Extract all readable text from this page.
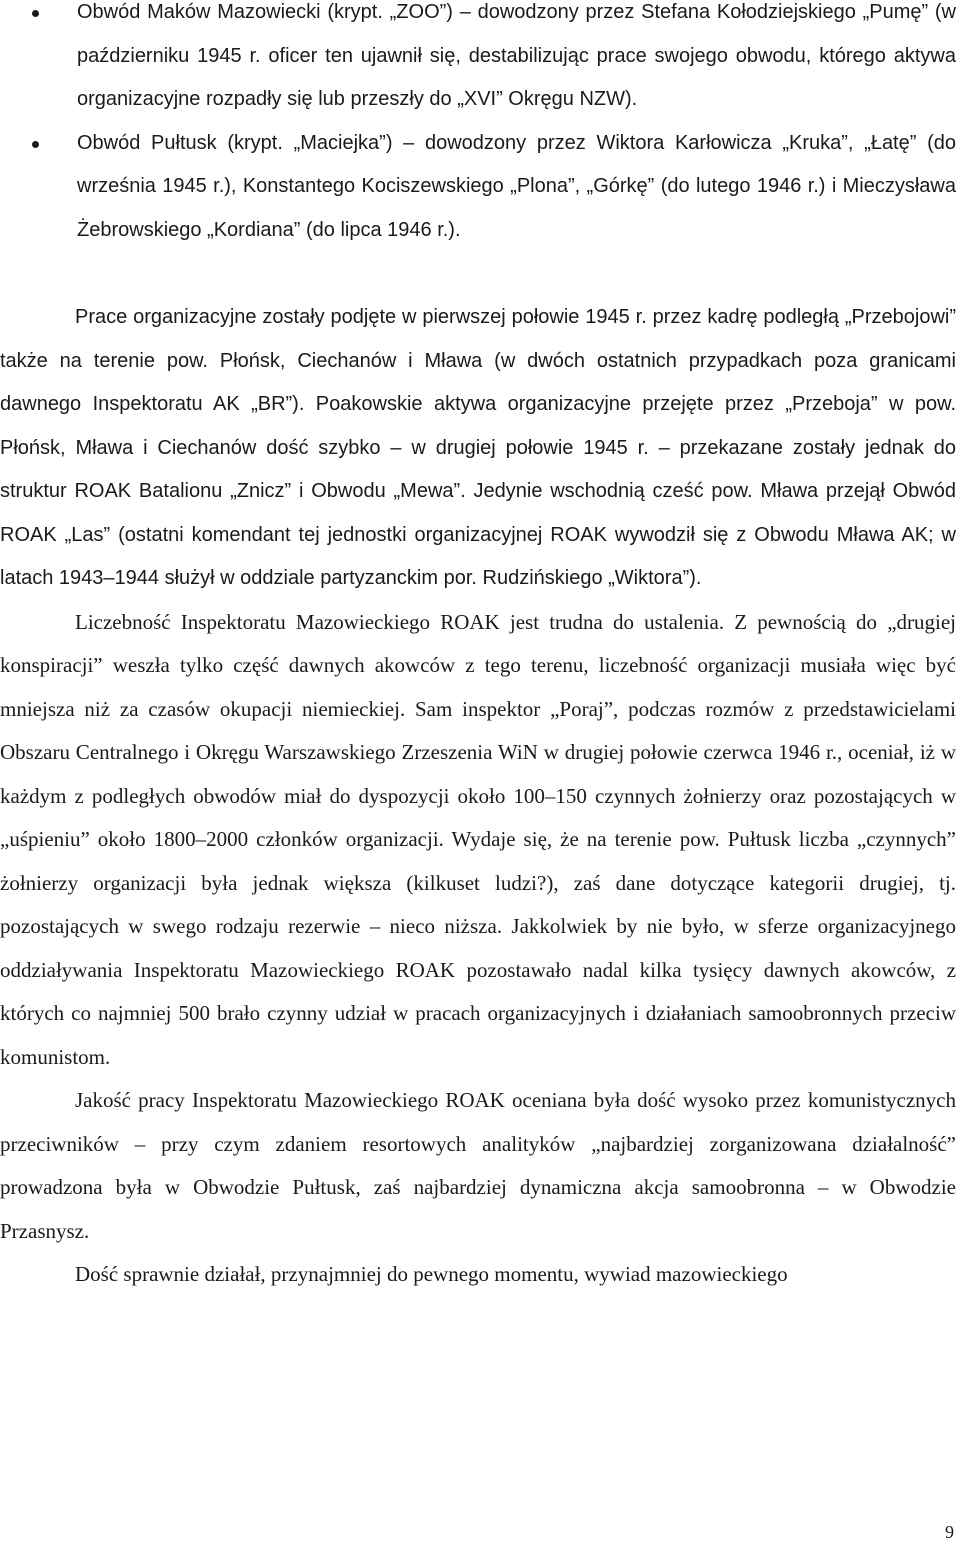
Obwód Maków Mazowiecki (krypt. „ZOO”) – dowodzony przez Stefana Kołodziejskiego „Pumę” (w październiku 1945 r. oficer ten ujawnił się, destabilizując prace swojego obwodu, którego aktywa organizacyjne rozpadły się lub przeszły do „XVI” Okręgu NZW).
Obwód Pułtusk (krypt. „Maciejka”) – dowodzony przez Wiktora Karłowicza „Kruka”, „Łatę” (do września 1945 r.), Konstantego Kociszewskiego „Plona”, „Górkę” (do lutego 1946 r.) i Mieczysława Żebrowskiego „Kordiana” (do lipca 1946 r.).

Prace organizacyjne zostały podjęte w pierwszej połowie 1945 r. przez kadrę podległą „Przebojowi” także na terenie pow. Płońsk, Ciechanów i Mława (w dwóch ostatnich przypadkach poza granicami dawnego Inspektoratu AK „BR”). Poakowskie aktywa organizacyjne przejęte przez „Przeboja” w pow. Płońsk, Mława i Ciechanów dość szybko – w drugiej połowie 1945 r. – przekazane zostały jednak do struktur ROAK Batalionu „Znicz” i Obwodu „Mewa”. Jedynie wschodnią cześć pow. Mława przejął Obwód ROAK „Las” (ostatni komendant tej jednostki organizacyjnej ROAK wywodził się z Obwodu Mława AK; w latach 1943–1944 służył w oddziale partyzanckim por. Rudzińskiego „Wiktora”).

Liczebność Inspektoratu Mazowieckiego ROAK jest trudna do ustalenia. Z pewnością do „drugiej konspiracji” weszła tylko część dawnych akowców z tego terenu, liczebność organizacji musiała więc być mniejsza niż za czasów okupacji niemieckiej. Sam inspektor „Poraj”, podczas rozmów z przedstawicielami Obszaru Centralnego i Okręgu Warszawskiego Zrzeszenia WiN w drugiej połowie czerwca 1946 r., oceniał, iż w każdym z podległych obwodów miał do dyspozycji około 100–150 czynnych żołnierzy oraz pozostających w „uśpieniu” około 1800–2000 członków organizacji. Wydaje się, że na terenie pow. Pułtusk liczba „czynnych” żołnierzy organizacji była jednak większa (kilkuset ludzi?), zaś dane dotyczące kategorii drugiej, tj. pozostających w swego rodzaju rezerwie – nieco niższa. Jakkolwiek by nie było, w sferze organizacyjnego oddziaływania Inspektoratu Mazowieckiego ROAK pozostawało nadal kilka tysięcy dawnych akowców, z których co najmniej 500 brało czynny udział w pracach organizacyjnych i działaniach samoobronnych przeciw komunistom.

Jakość pracy Inspektoratu Mazowieckiego ROAK oceniana była dość wysoko przez komunistycznych przeciwników – przy czym zdaniem resortowych analityków „najbardziej zorganizowana działalność” prowadzona była w Obwodzie Pułtusk, zaś najbardziej dynamiczna akcja samoobronna – w Obwodzie Przasnysz.

Dość sprawnie działał, przynajmniej do pewnego momentu, wywiad mazowieckiego

9
